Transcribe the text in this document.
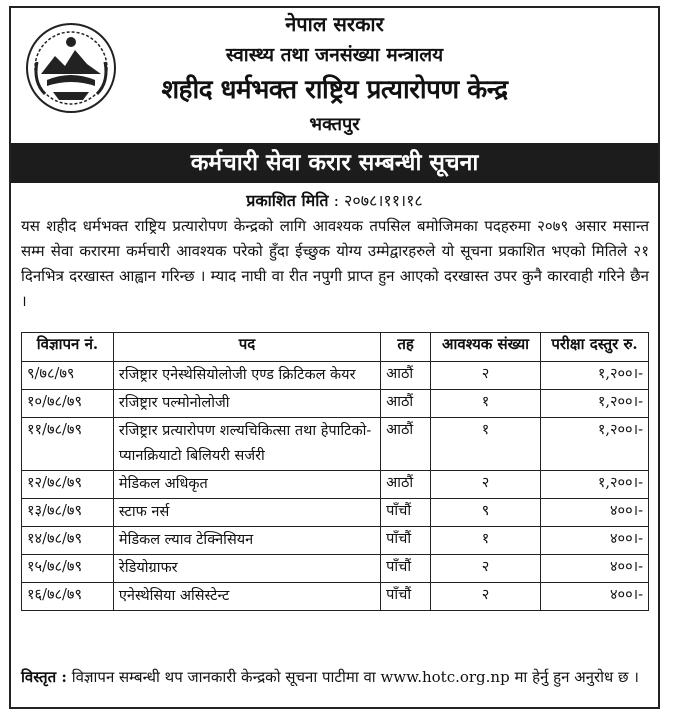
नेपाल सरकार
स्वास्थ्य तथा जनसंख्या मन्त्रालय
शहीद धर्मभक्त राष्ट्रिय प्रत्यारोपण केन्द्र
भक्तपुर
कर्मचारी सेवा करार सम्बन्धी सूचना
प्रकाशित मिति : २०७८।११।१८
यस शहीद धर्मभक्त राष्ट्रिय प्रत्यारोपण केन्द्रको लागि आवश्यक तपसिल बमोजिमका पदहरुमा २०७९ असार मसान्त सम्म सेवा करारमा कर्मचारी आवश्यक परेको हुँदा ईच्छुक योग्य उम्मेद्वारहरुले यो सूचना प्रकाशित भएको मितिले २१ दिनभित्र दरखास्त आह्वान गरिन्छ । म्याद नाघी वा रीत नपुगी प्राप्त हुन आएको दरखास्त उपर कुनै कारवाही गरिने छैन ।
विज्ञापन नं.	पद	तह	आवश्यक संख्या	परीक्षा दस्तुर रु.
९/७८/७९	रजिष्ट्रार एनेस्थेसियोलोजी एण्ड क्रिटिकल केयर	आठौं	२	१,२००।-
१०/७८/७९	रजिष्ट्रार पल्मोनोलोजी	आठौं	१	१,२००।-
११/७८/७९	रजिष्ट्रार प्रत्यारोपण शल्यचिकित्सा तथा हेपाटिको-प्यानक्रियाटो बिलियरी सर्जरी	आठौं	१	१,२००।-
१२/७८/७९	मेडिकल अधिकृत	आठौं	२	१,२००।-
१३/७८/७९	स्टाफ नर्स	पाँचौं	९	४००।-
१४/७८/७९	मेडिकल ल्याव टेक्निसियन	पाँचौं	१	४००।-
१५/७८/७९	रेडियोग्राफर	पाँचौं	२	४००।-
१६/७८/७९	एनेस्थेसिया असिस्टेन्ट	पाँचौं	२	४००।-
विस्तृत : विज्ञापन सम्बन्धी थप जानकारी केन्द्रको सूचना पाटीमा वा www.hotc.org.np मा हेर्नु हुन अनुरोध छ ।
